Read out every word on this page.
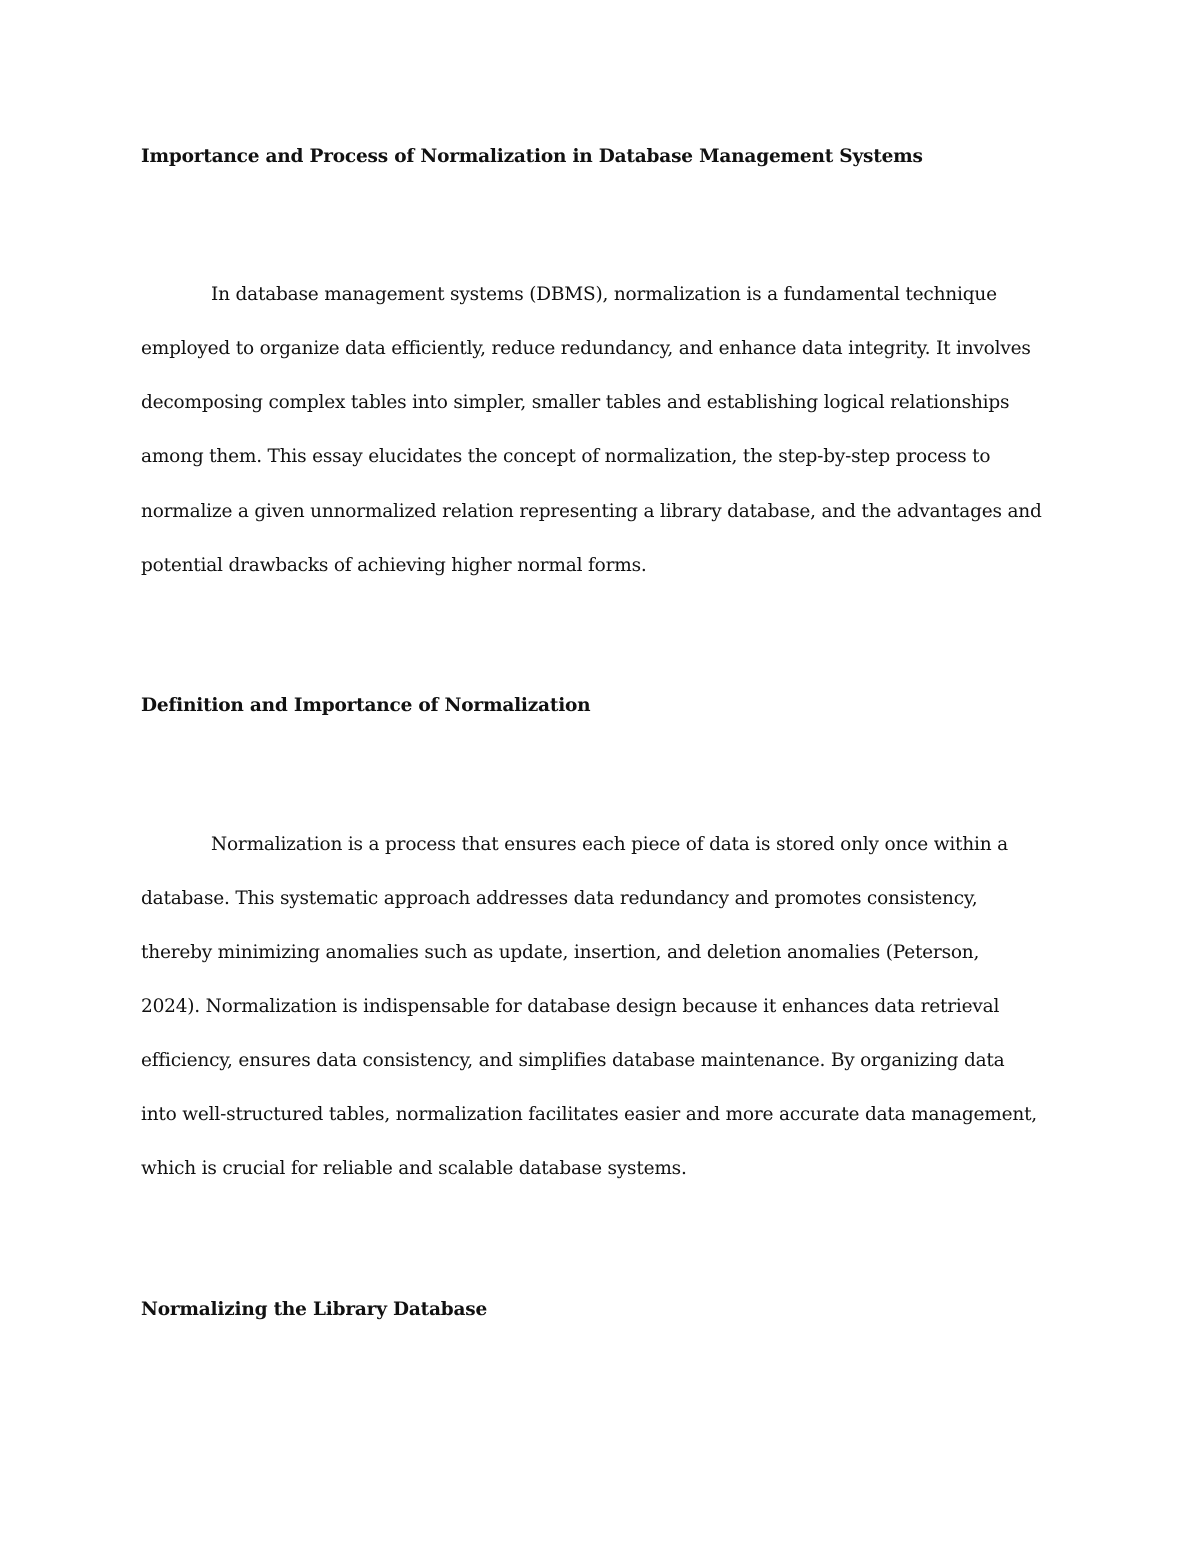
Importance and Process of Normalization in Database Management Systems
In database management systems (DBMS), normalization is a fundamental technique
employed to organize data efficiently, reduce redundancy, and enhance data integrity. It involves
decomposing complex tables into simpler, smaller tables and establishing logical relationships
among them. This essay elucidates the concept of normalization, the step-by-step process to
normalize a given unnormalized relation representing a library database, and the advantages and
potential drawbacks of achieving higher normal forms.
Definition and Importance of Normalization
Normalization is a process that ensures each piece of data is stored only once within a
database. This systematic approach addresses data redundancy and promotes consistency,
thereby minimizing anomalies such as update, insertion, and deletion anomalies (Peterson,
2024). Normalization is indispensable for database design because it enhances data retrieval
efficiency, ensures data consistency, and simplifies database maintenance. By organizing data
into well-structured tables, normalization facilitates easier and more accurate data management,
which is crucial for reliable and scalable database systems.
Normalizing the Library Database
